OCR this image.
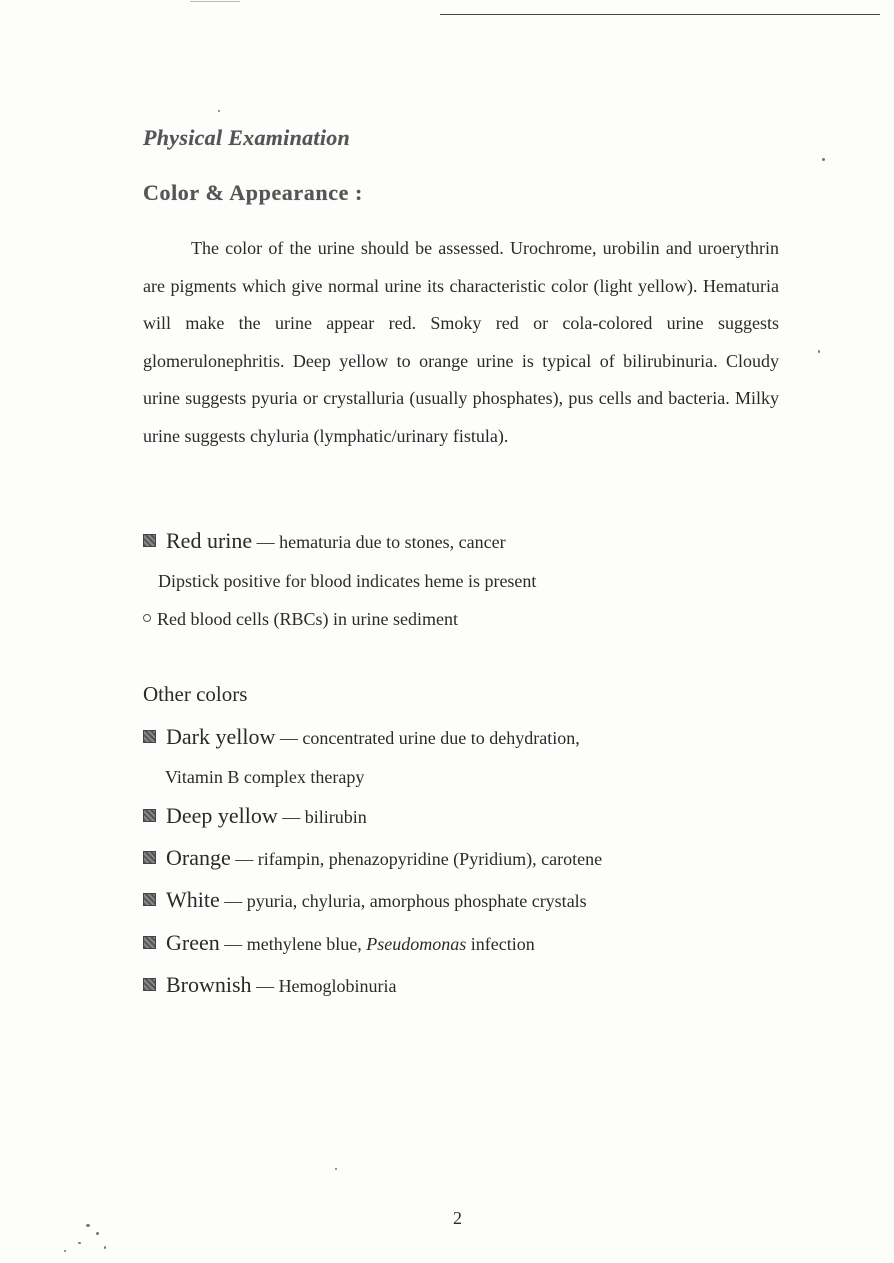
Physical Examination
Color & Appearance :

The color of the urine should be assessed. Urochrome, urobilin and uroerythrin are pigments which give normal urine its characteristic color (light yellow). Hematuria will make the urine appear red. Smoky red or cola-colored urine suggests glomerulonephritis. Deep yellow to orange urine is typical of bilirubinuria. Cloudy urine suggests pyuria or crystalluria (usually phosphates), pus cells and bacteria. Milky urine suggests chyluria (lymphatic/urinary fistula).

Red urine — hematuria due to stones, cancer
Dipstick positive for blood indicates heme is present
Red blood cells (RBCs) in urine sediment
Other colors
Dark yellow — concentrated urine due to dehydration,
Vitamin B complex therapy
Deep yellow — bilirubin
Orange — rifampin, phenazopyridine (Pyridium), carotene
White — pyuria, chyluria, amorphous phosphate crystals
Green — methylene blue, Pseudomonas infection
Brownish — Hemoglobinuria
2
